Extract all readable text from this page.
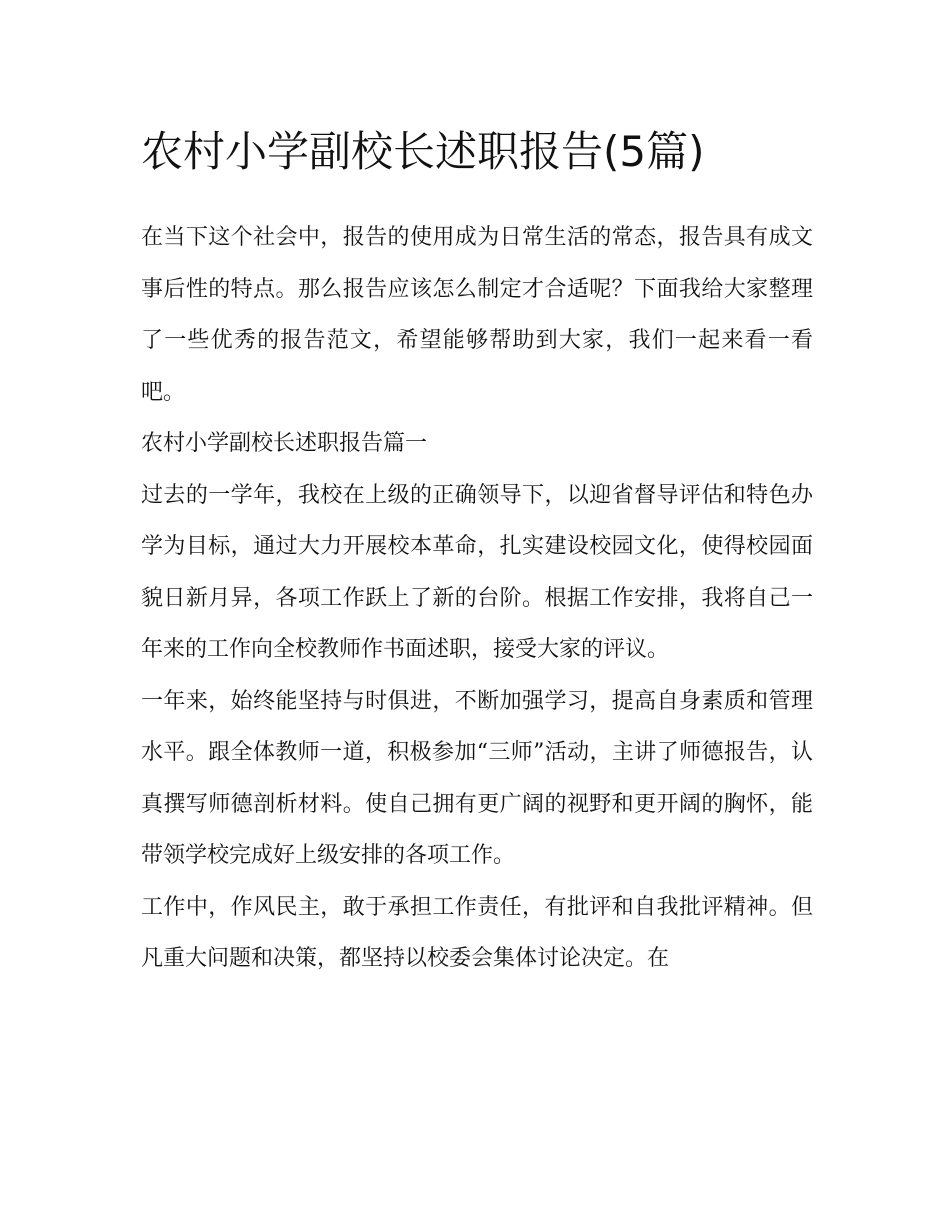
农村小学副校长述职报告(5篇)

在当下这个社会中，报告的使用成为日常生活的常态，报告具有成文事后性的特点。那么报告应该怎么制定才合适呢？下面我给大家整理了一些优秀的报告范文，希望能够帮助到大家，我们一起来看一看吧。

农村小学副校长述职报告篇一

过去的一学年，我校在上级的正确领导下，以迎省督导评估和特色办学为目标，通过大力开展校本革命，扎实建设校园文化，使得校园面貌日新月异，各项工作跃上了新的台阶。根据工作安排，我将自己一年来的工作向全校教师作书面述职，接受大家的评议。

一年来，始终能坚持与时俱进，不断加强学习，提高自身素质和管理水平。跟全体教师一道，积极参加“三师”活动，主讲了师德报告，认真撰写师德剖析材料。使自己拥有更广阔的视野和更开阔的胸怀，能带领学校完成好上级安排的各项工作。

工作中，作风民主，敢于承担工作责任，有批评和自我批评精神。但凡重大问题和决策，都坚持以校委会集体讨论决定。在
